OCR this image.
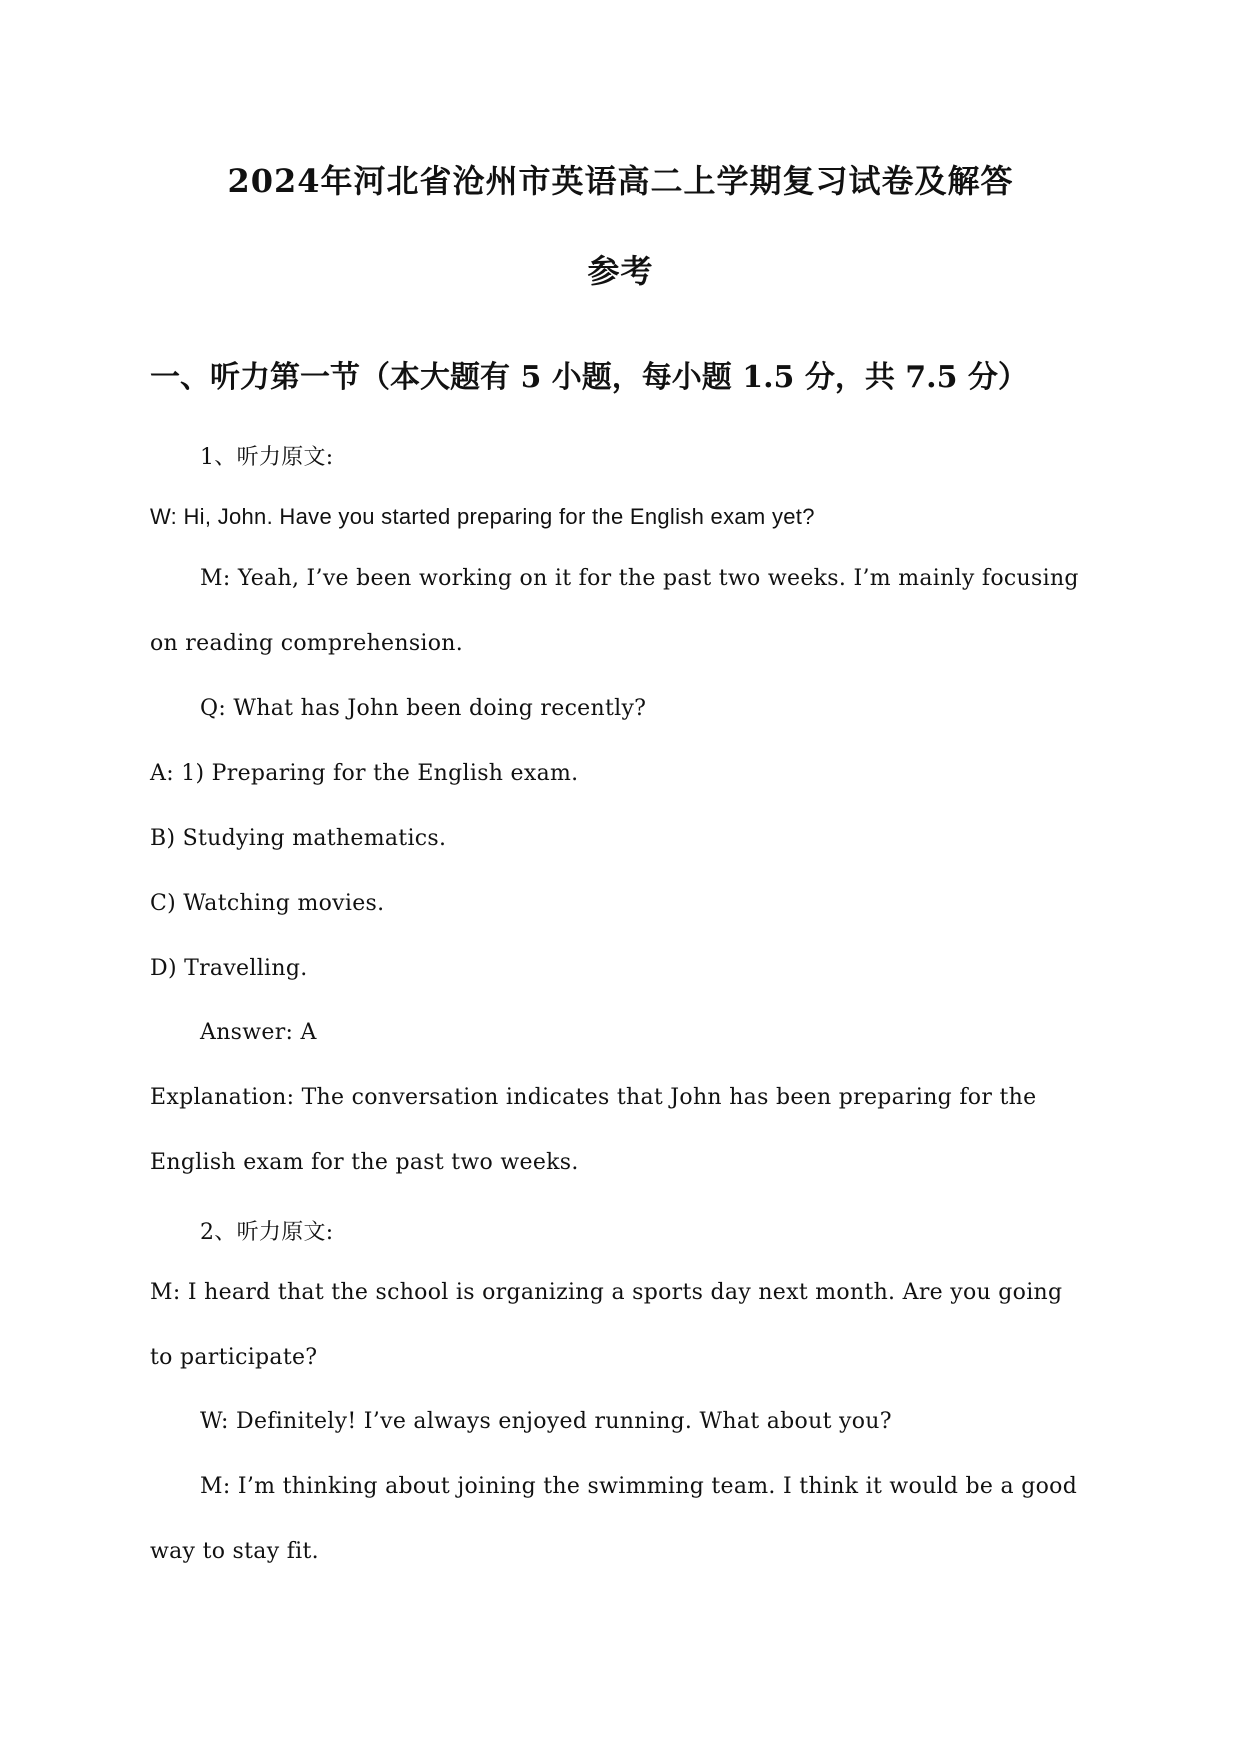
2024年河北省沧州市英语高二上学期复习试卷及解答
参考
一、听力第一节（本大题有 5 小题，每小题 1.5 分，共 7.5 分）
1、听力原文:
W: Hi, John. Have you started preparing for the English exam yet?
M: Yeah, I’ve been working on it for the past two weeks. I’m mainly focusing
on reading comprehension.
Q: What has John been doing recently?
A: 1) Preparing for the English exam.
B) Studying mathematics.
C) Watching movies.
D) Travelling.
Answer: A
Explanation: The conversation indicates that John has been preparing for the
English exam for the past two weeks.
2、听力原文:
M: I heard that the school is organizing a sports day next month. Are you going
to participate?
W: Definitely! I’ve always enjoyed running. What about you?
M: I’m thinking about joining the swimming team. I think it would be a good
way to stay fit.
